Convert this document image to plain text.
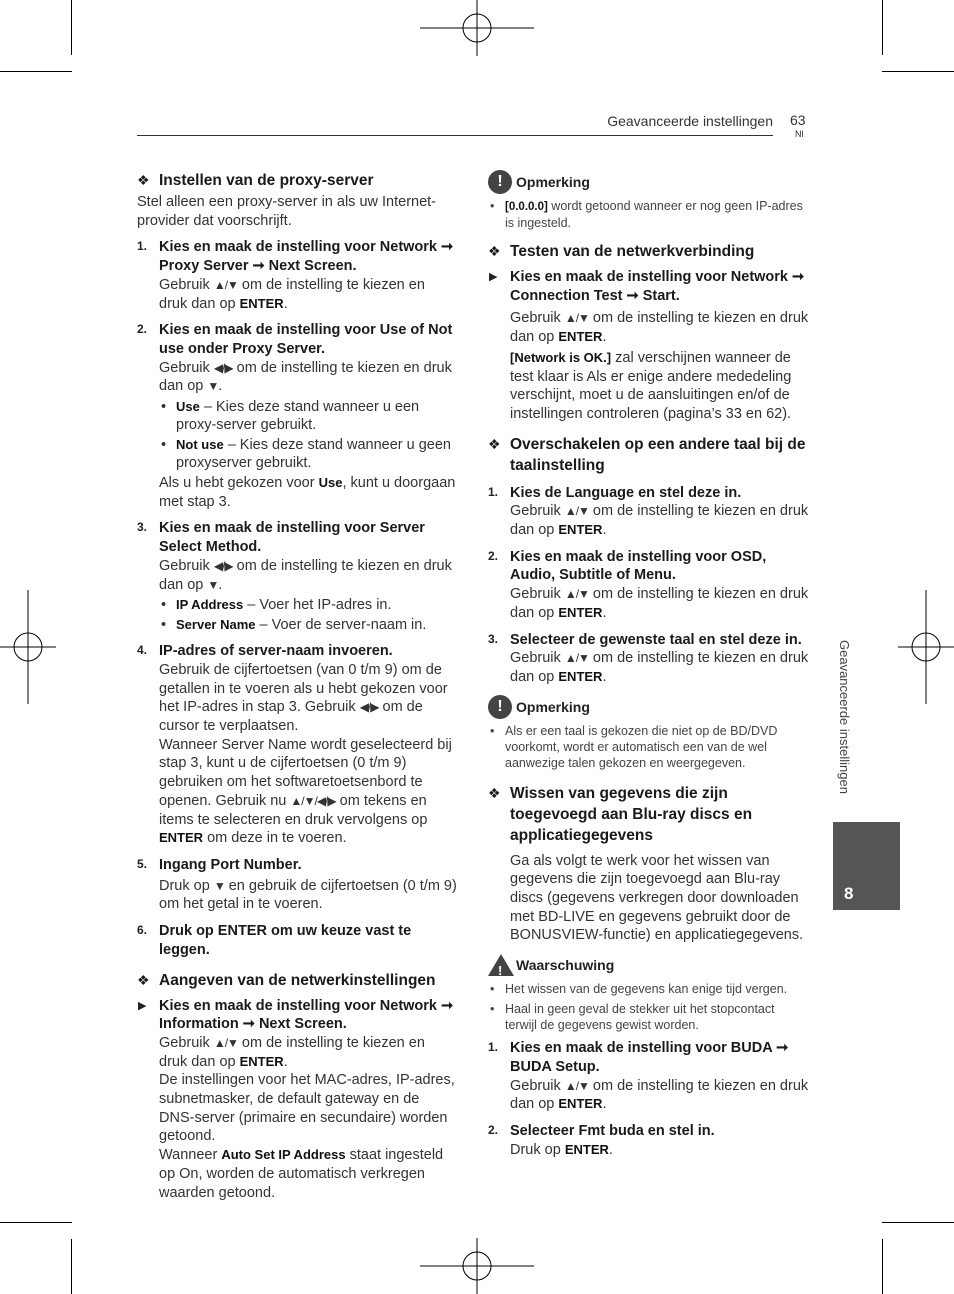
Geavanceerde instellingen 63
Nl
Geavanceerde instellingen
8
❖ Instellen van de proxy-server

Stel alleen een proxy-server in als uw Internet-provider dat voorschrijft.

1. Kies en maak de instelling voor Network ➞ Proxy Server ➞ Next Screen.
Gebruik ▲/▼ om de instelling te kiezen en druk dan op ENTER.
2. Kies en maak de instelling voor Use of Not use onder Proxy Server.
Gebruik ◀/▶ om de instelling te kiezen en druk dan op ▼.
• Use – Kies deze stand wanneer u een proxy-server gebruikt.
• Not use – Kies deze stand wanneer u geen proxyserver gebruikt.
Als u hebt gekozen voor Use, kunt u doorgaan met stap 3.
3. Kies en maak de instelling voor Server Select Method.
Gebruik ◀/▶ om de instelling te kiezen en druk dan op ▼.
• IP Address – Voer het IP-adres in.
• Server Name – Voer de server-naam in.
4. IP-adres of server-naam invoeren.
Gebruik de cijfertoetsen (van 0 t/m 9) om de getallen in te voeren als u hebt gekozen voor het IP-adres in stap 3. Gebruik ◀/▶ om de cursor te verplaatsen.
Wanneer Server Name wordt geselecteerd bij stap 3, kunt u de cijfertoetsen (0 t/m 9) gebruiken om het softwaretoetsenbord te openen. Gebruik nu ▲/▼/◀/▶ om tekens en items te selecteren en druk vervolgens op ENTER om deze in te voeren.
5. Ingang Port Number.
Druk op ▼ en gebruik de cijfertoetsen (0 t/m 9) om het getal in te voeren.
6. Druk op ENTER om uw keuze vast te leggen.
❖ Aangeven van de netwerkinstellingen
▶ Kies en maak de instelling voor Network ➞ Information ➞ Next Screen.
Gebruik ▲/▼ om de instelling te kiezen en druk dan op ENTER.
De instellingen voor het MAC-adres, IP-adres, subnetmasker, de default gateway en de DNS-server (primaire en secundaire) worden getoond.
Wanneer Auto Set IP Address staat ingesteld op On, worden de automatisch verkregen waarden getoond.
! Opmerking
• [0.0.0.0] wordt getoond wanneer er nog geen IP-adres is ingesteld.
❖ Testen van de netwerkverbinding
▶ Kies en maak de instelling voor Network ➞ Connection Test ➞ Start.
Gebruik ▲/▼ om de instelling te kiezen en druk dan op ENTER.
[Network is OK.] zal verschijnen wanneer de test klaar is Als er enige andere mededeling verschijnt, moet u de aansluitingen en/of de instellingen controleren (pagina’s 33 en 62).
❖ Overschakelen op een andere taal bij de taalinstelling
1. Kies de Language en stel deze in.
Gebruik ▲/▼ om de instelling te kiezen en druk dan op ENTER.
2. Kies en maak de instelling voor OSD, Audio, Subtitle of Menu.
Gebruik ▲/▼ om de instelling te kiezen en druk dan op ENTER.
3. Selecteer de gewenste taal en stel deze in.
Gebruik ▲/▼ om de instelling te kiezen en druk dan op ENTER.
! Opmerking
• Als er een taal is gekozen die niet op de BD/DVD voorkomt, wordt er automatisch een van de wel aanwezige talen gekozen en weergegeven.
❖ Wissen van gegevens die zijn toegevoegd aan Blu-ray discs en applicatiegegevens

Ga als volgt te werk voor het wissen van gegevens die zijn toegevoegd aan Blu-ray discs (gegevens verkregen door downloaden met BD-LIVE en gegevens gebruikt door de BONUSVIEW-functie) en applicatiegegevens.

! Waarschuwing
• Het wissen van de gegevens kan enige tijd vergen.
• Haal in geen geval de stekker uit het stopcontact terwijl de gegevens gewist worden.
1. Kies en maak de instelling voor BUDA ➞ BUDA Setup.
Gebruik ▲/▼ om de instelling te kiezen en druk dan op ENTER.
2. Selecteer Fmt buda en stel in.
Druk op ENTER.
